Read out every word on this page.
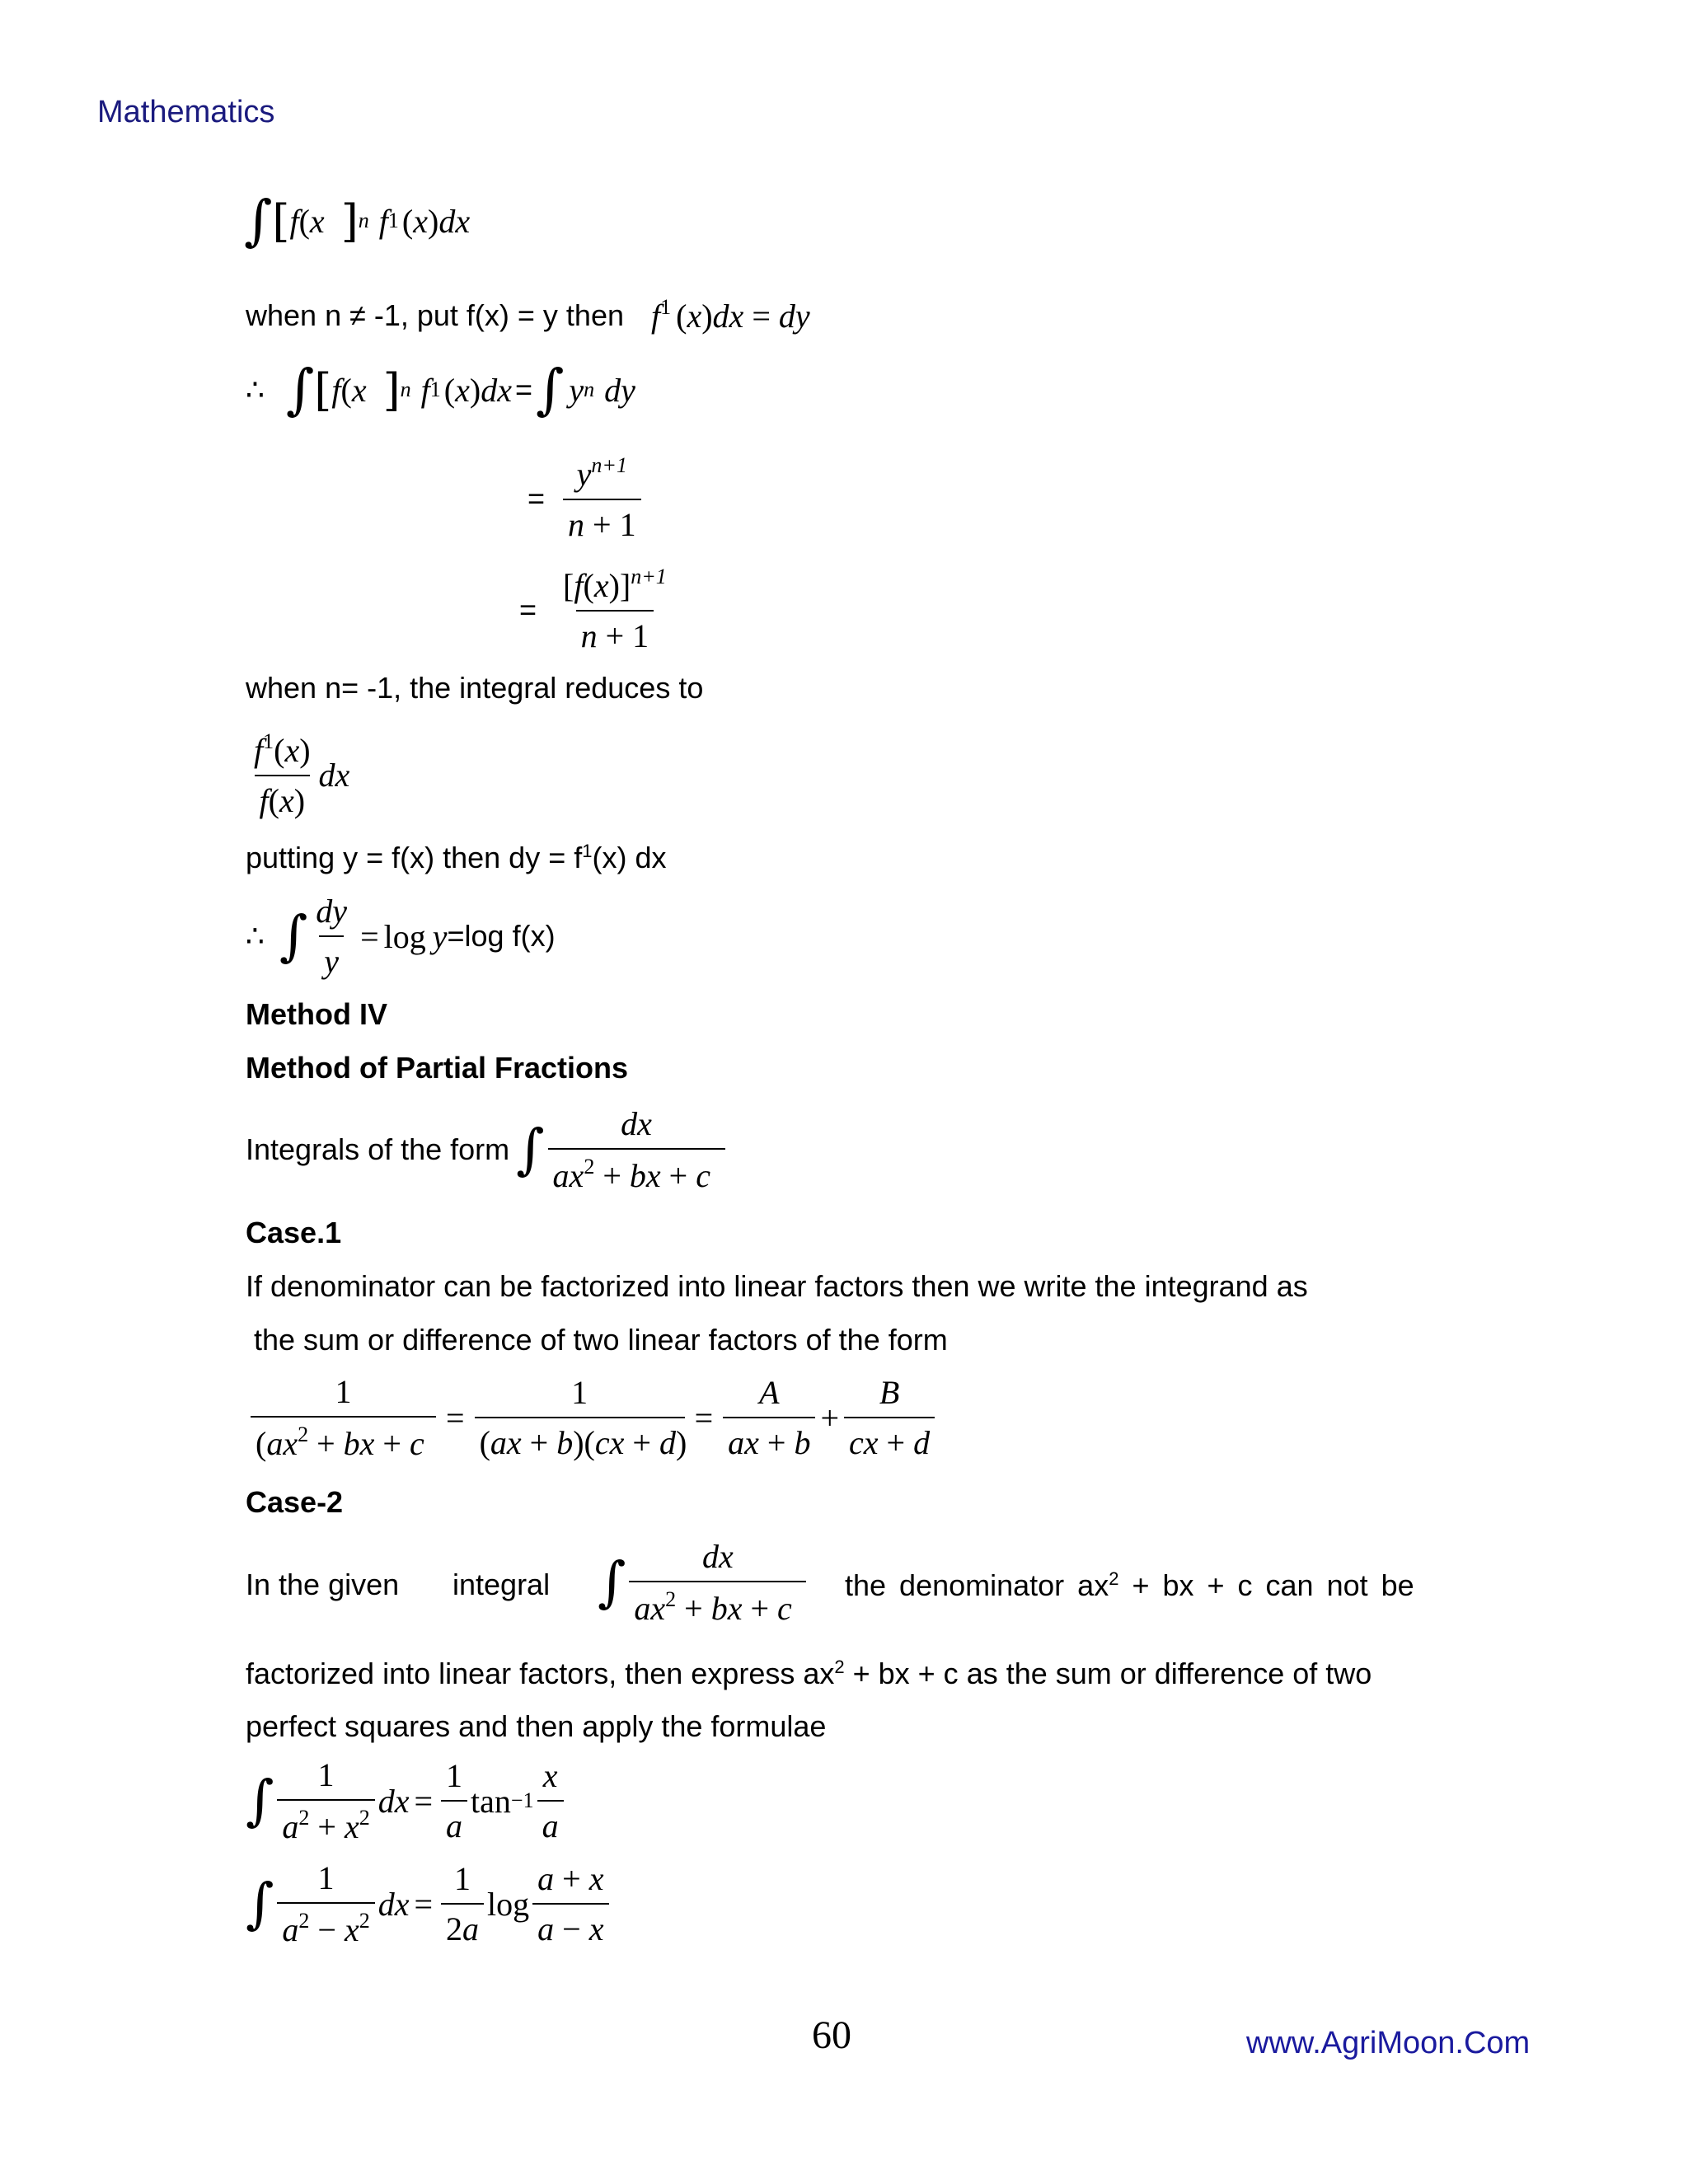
Mathematics
∫ [ f ( x ] n f 1 ( x ) dx
when n ≠ -1, put f(x) = y then $f^1$ (x)dx = dy
∴ ∫ [ f ( x ] n f 1 ( x ) dx = ∫ y n dy
= $\frac{y^{n+1}}{n + 1}$
= $\frac{[f(x)]^{n+1}}{n + 1}$
when n= -1, the integral reduces to
$\frac{f^1(x)}{f(x)}$ dx
putting y = f(x) then dy = $f^1(x)$ dx
∴ ∫ $\frac{dy}{y} = \log y =\log$ f(x)
Method IV
Method of Partial Fractions
Integrals of the form ∫ $\frac{dx}{ax^2 + bx + c}$
Case.1
If denominator can be factorized into linear factors then we write the integrand as
the sum or difference of two linear factors of the form
$\frac{1}{(ax^2 + bx + c} = \frac{1}{(ax + b)(cx + d)} = \frac{A}{ax + b} + \frac{B}{cx + d}$
Case-2
In the given integral ∫ $\frac{dx}{ax^2 + bx + c}$ the denominator $ax^2$ + bx + c can not be
factorized into linear factors, then express $ax^2$ + bx + c as the sum or difference of two
perfect squares and then apply the formulae
∫ $\frac{1}{a^2 + x^2}$ dx = $\frac{1}{a}$ $\tan -1 \frac{x}{a}$
∫ $\frac{1}{a^2 - x^2}$ dx = $\frac{1}{2a}$ $\log \frac{a + x}{a - x}$
60	www.AgriMoon.Com
